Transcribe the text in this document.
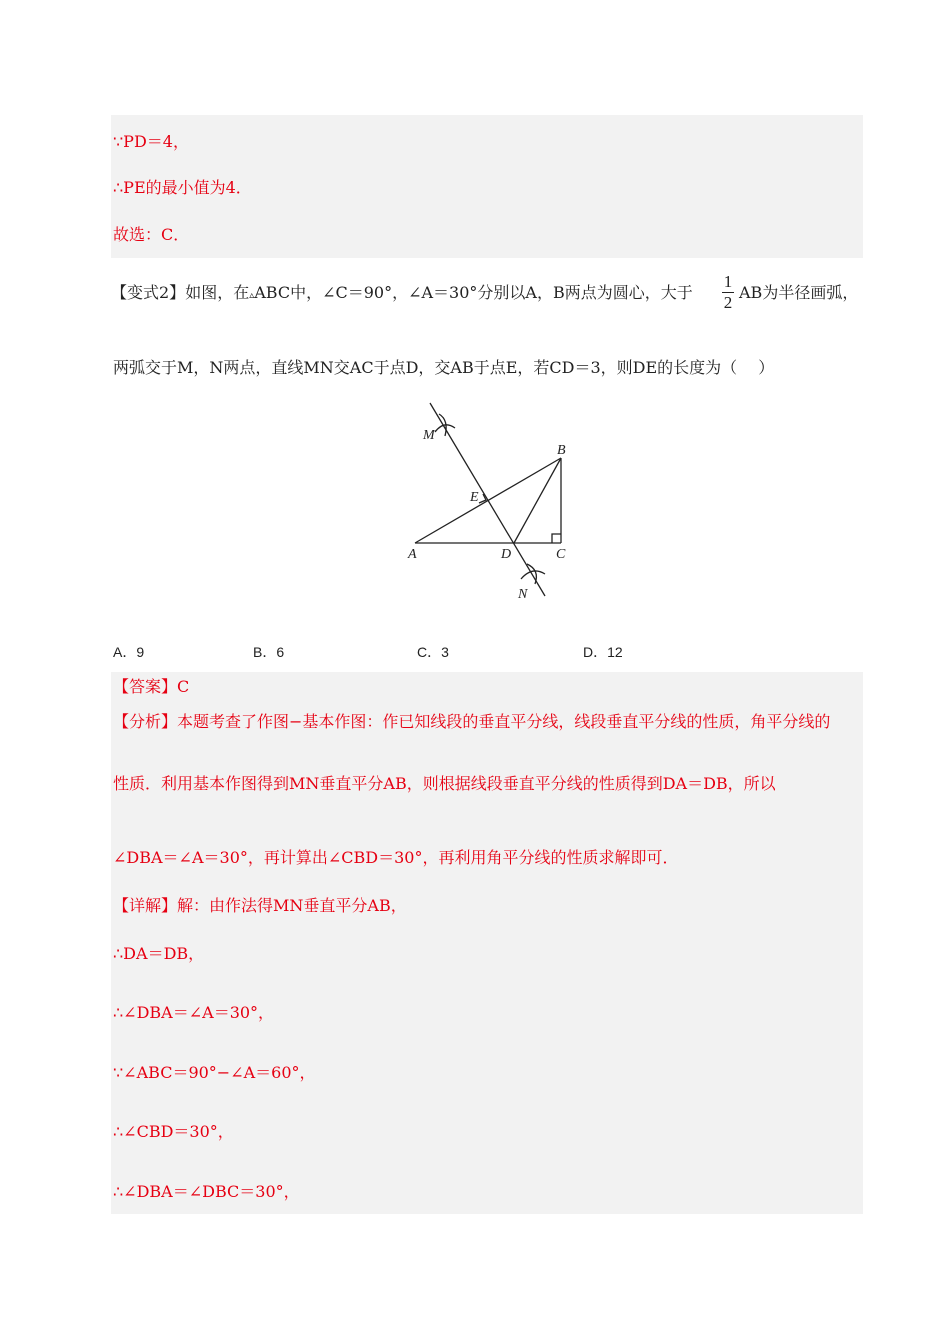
∵PD＝4，
∴PE的最小值为4．
故选：C．
【变式2】如图，在▵ABC中，∠C＝90°，∠A＝30°分别以A，B两点为圆心，大于
1
2
AB为半径画弧，
两弧交于M，N两点，直线MN交AC于点D，交AB于点E，若CD＝3，则DE的长度为（　 ）
M
B
E
A	D	C
N
A．9	B．6	C．3	D．12
【答案】C
【分析】本题考查了作图−基本作图：作已知线段的垂直平分线，线段垂直平分线的性质，角平分线的
性质．利用基本作图得到MN垂直平分AB，则根据线段垂直平分线的性质得到DA＝DB，所以
∠DBA＝∠A＝30°，再计算出∠CBD＝30°，再利用角平分线的性质求解即可．
【详解】解：由作法得MN垂直平分AB，
∴DA＝DB，
∴∠DBA＝∠A＝30°，
∵∠ABC＝90°−∠A＝60°，
∴∠CBD＝30°，
∴∠DBA＝∠DBC＝30°，
